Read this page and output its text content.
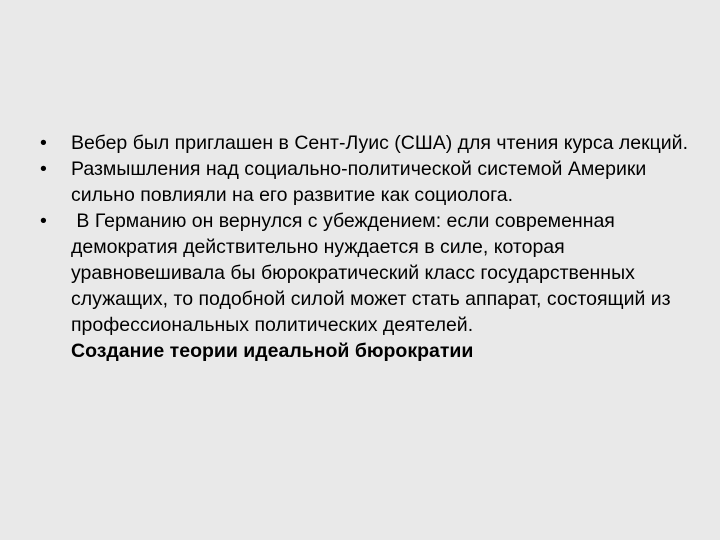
• Вебер был приглашен в Сент-Луис (США) для чтения курса лекций.
• Размышления над социально-политической системой Америки сильно повлияли на его развитие как социолога.
• В Германию он вернулся с убеждением: если современная демократия действительно нуждается в силе, которая уравновешивала бы бюрократический класс государственных служащих, то подобной силой может стать аппарат, состоящий из профессиональных политических деятелей.
Создание теории идеальной бюрократии
